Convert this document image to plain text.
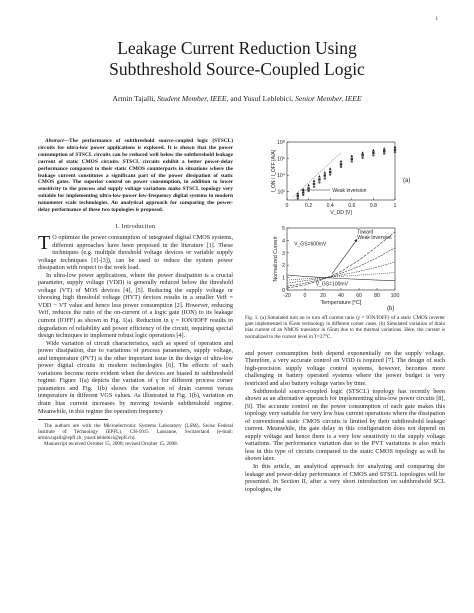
1
Leakage Current Reduction Using
Subthreshold Source-Coupled Logic
Armin Tajalli, Student Member, IEEE, and Yusuf Leblebici, Senior Member, IEEE

Abstract—The performance of subthreshold source-coupled logic (STSCL) circuits for ultra-low power applications is explored. It is shown that the power consumption of STSCL circuits can be reduced well below the subthreshold leakage current of static CMOS circuits. STSCL circuits exhibit a better power-delay performance compared to their static CMOS counterparts in situations where the leakage current constitutes a significant part of the power dissipation of static CMOS gates. The superior control on power consumption, in addition to lower sensitivity to the process and supply voltage variations make STSCL topology very suitable for implementing ultra-low-power low-frequency digital systems in modern nanometer scale technologies. An analytical approach for comparing the power-delay performance of these two topologies is proposed.

I. Introduction

T O optimize the power consumption of integrated digital CMOS systems, different approaches have been proposed in the literature [1]. These techniques (e.g. multiple threshold voltage devices or variable supply voltage techniques [1]-[3]), can be used to reduce the system power dissipation with respect to the work load.

In ultra-low power applications, where the power dissipation is a crucial parameter, supply voltage (VDD) is generally reduced below the threshold voltage (VT) of MOS devices [4], [5]. Reducing the supply voltage or choosing high threshold voltage (HVT) devices results in a smaller Veff = VDD − VT value and hence less power consumption [2]. However, reducing Veff, reduces the ratio of the on-current of a logic gate (ION) to its leakage current (IOFF) as shown in Fig. 1(a). Reduction in γ = ION/IOFF results in degradation of reliability and power efficiency of the circuit, requiring special design techniques to implement robust logic operations [4].

Wide variation of circuit characteristics, such as speed of operation and power dissipation, due to variations of process parameters, supply voltage, and temperature (PVT) is the other important issue in the design of ultra-low power digital circuits in modern technologies [6]. The effects of such variations become more evident when the devices are biased in subthreshold regime. Figure 1(a) depicts the variation of γ for different process corner parameters and Fig. 1(b) shows the variation of drain current versus temperature in different VGS values. As illustrated in Fig. 1(b), variation on drain bias current increases by moving towards subthreshold regime. Meanwhile, in this regime the operation frequency

The authors are with the Microelectronic Systems Laboratory (LSM), Swiss Federal Institute of Technology (EPFL), CH-1015 Lausanne, Switzerland (e-mail: armin.tajalli@epfl.ch, yusuf.leblebici@epfl.ch).

Manuscript received October 15, 2008; revised October 15, 2008.

0	0.2	0.4	0.6	0.8	1
10²
10⁴
10⁶
10⁸
I_ON / I_OFF [A/A]
V_DD [V]
Weak inversion
(a)
-20 0	20 40 60 80 100
0
1
2
3
4
5
Normalized Current
Temperature [°C]
Toward
Weak Inversion
V_GS=600mV
V_GS=100mV
(b)

Fig. 1. (a) Simulated turn on to turn off current ratio (γ = ION/IOFF) of a static CMOS inverter gate implemented in 65nm technology in different corner cases. (b) Simulated variation of drain bias current of an NMOS transistor in 65nm due to the thermal variations. Here, the current is normalized to the current level in T=27°C.

and power consumption both depend exponentially on the supply voltage. Therefore, a very accurate control on VDD is required [7]. The design of such high-precision supply voltage control systems, however, becomes more challenging in battery operated systems where the power budget is very restricted and also battery voltage varies by time.

Subthreshold source-coupled logic (STSCL) topology has recently been shown as an alternative approach for implementing ultra-low power circuits [8], [9]. The accurate control on the power consumption of each gate makes this topology very suitable for very low bias current operations where the dissipation of conventional static CMOS circuits is limited by their subthreshold leakage current. Meanwhile, the gate delay in this configuration does not depend on supply voltage and hence there is a very low sensitivity to the supply voltage variations. The performance variation due to the PVT variations is also much less in this type of circuits compared to the static CMOS topology as will be shown later.

In this article, an analytical approach for analyzing and comparing the leakage and power-delay performance of CMOS and STSCL topologies will be presented. In Section II, after a very short introduction on subthreshold SCL topologies, the
